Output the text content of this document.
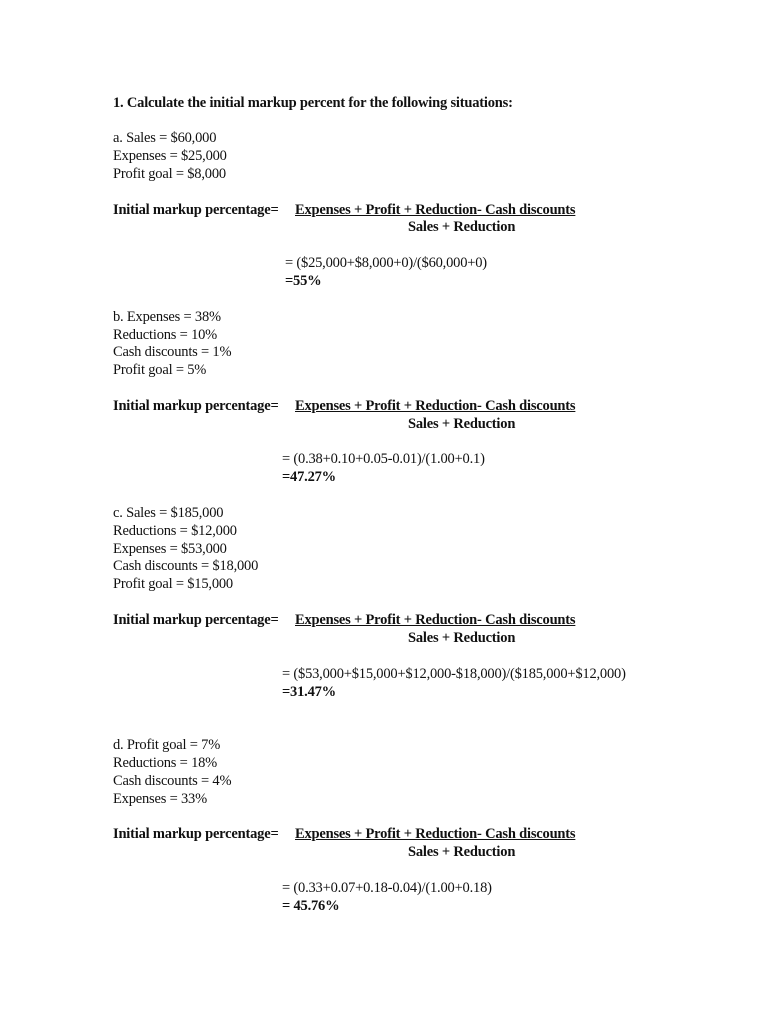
1. Calculate the initial markup percent for the following situations:
a. Sales = $60,000
Expenses = $25,000
Profit goal = $8,000
Initial markup percentage= Expenses + Profit + Reduction- Cash discounts
Sales + Reduction
= ($25,000+$8,000+0)/($60,000+0)
=55%
b. Expenses = 38%
Reductions = 10%
Cash discounts = 1%
Profit goal = 5%
Initial markup percentage= Expenses + Profit + Reduction- Cash discounts
Sales + Reduction
= (0.38+0.10+0.05-0.01)/(1.00+0.1)
=47.27%
c. Sales = $185,000
Reductions = $12,000
Expenses = $53,000
Cash discounts = $18,000
Profit goal = $15,000
Initial markup percentage= Expenses + Profit + Reduction- Cash discounts
Sales + Reduction
= ($53,000+$15,000+$12,000-$18,000)/($185,000+$12,000)
=31.47%
d. Profit goal = 7%
Reductions = 18%
Cash discounts = 4%
Expenses = 33%
Initial markup percentage= Expenses + Profit + Reduction- Cash discounts
Sales + Reduction
= (0.33+0.07+0.18-0.04)/(1.00+0.18)
= 45.76%
